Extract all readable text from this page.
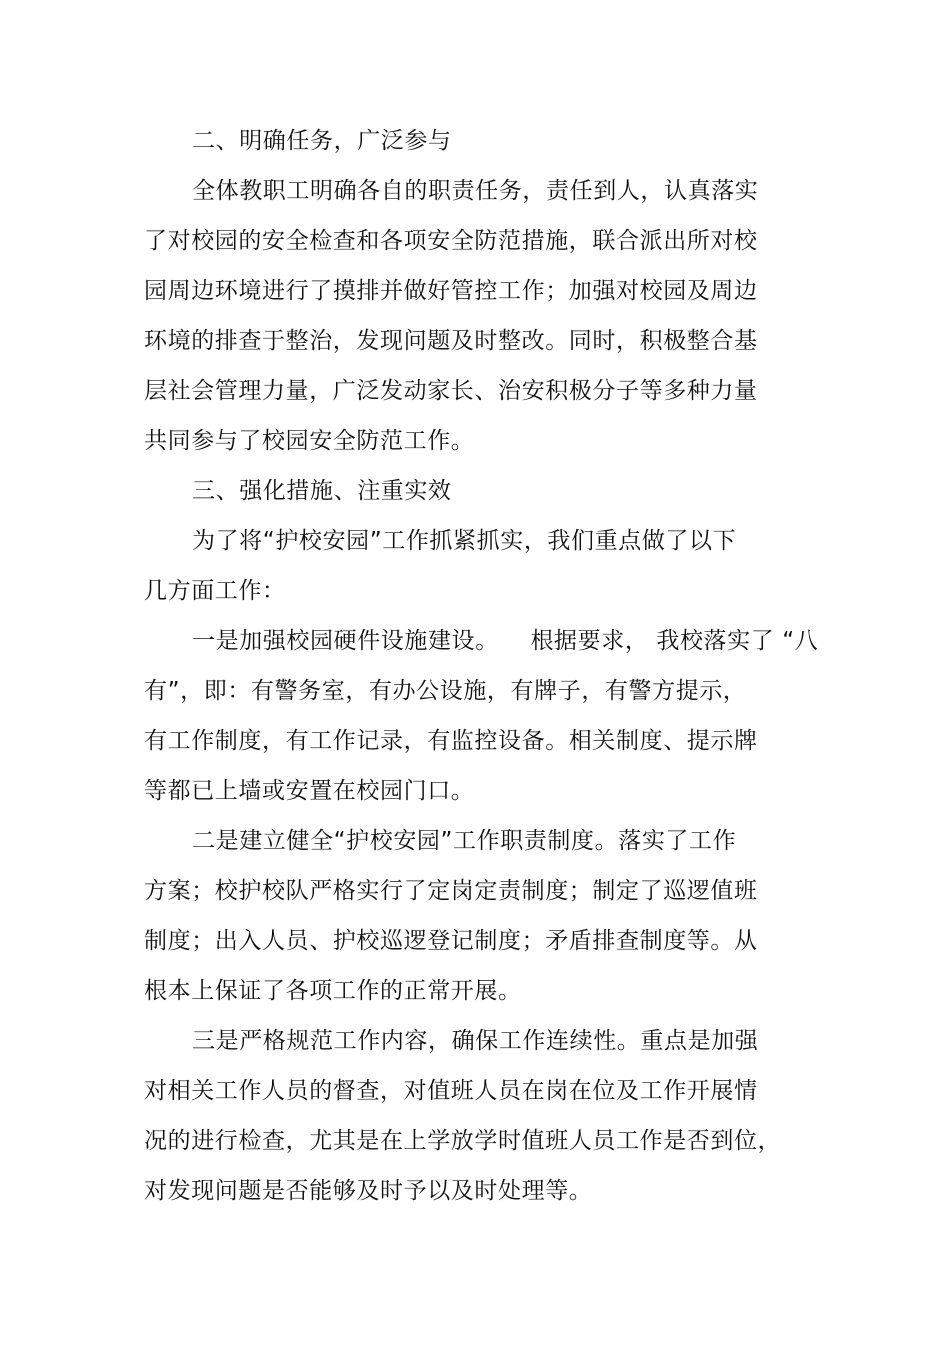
二、明确任务，广泛参与
全体教职工明确各自的职责任务，责任到人，认真落实
了对校园的安全检查和各项安全防范措施，联合派出所对校
园周边环境进行了摸排并做好管控工作；加强对校园及周边
环境的排查于整治，发现问题及时整改。同时，积极整合基
层社会管理力量，广泛发动家长、治安积极分子等多种力量
共同参与了校园安全防范工作。
三、强化措施、注重实效
为了将“护校安园”工作抓紧抓实，我们重点做了以下
几方面工作：
一是加强校园硬件设施建设。    根据要求， 我校落实了 “八
有”，即：有警务室，有办公设施，有牌子，有警方提示，
有工作制度，有工作记录，有监控设备。相关制度、提示牌
等都已上墙或安置在校园门口。
二是建立健全“护校安园”工作职责制度。落实了工作
方案；校护校队严格实行了定岗定责制度；制定了巡逻值班
制度；出入人员、护校巡逻登记制度；矛盾排查制度等。从
根本上保证了各项工作的正常开展。
三是严格规范工作内容，确保工作连续性。重点是加强
对相关工作人员的督查，对值班人员在岗在位及工作开展情
况的进行检查，尤其是在上学放学时值班人员工作是否到位，
对发现问题是否能够及时予以及时处理等。
